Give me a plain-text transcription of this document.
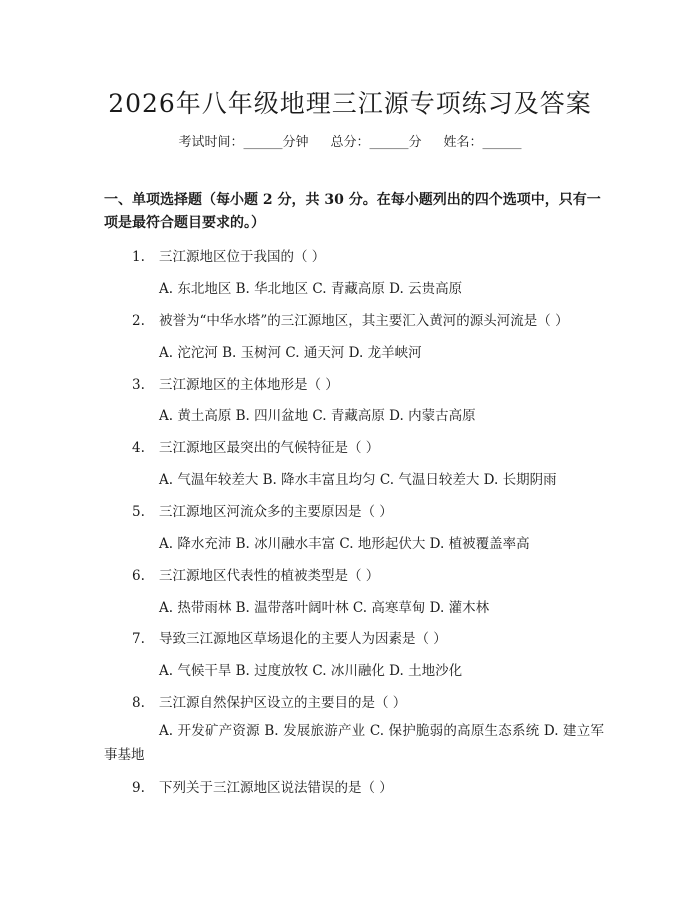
2026年八年级地理三江源专项练习及答案
考试时间：______分钟 总分：______分 姓名：______
一、单项选择题（每小题 2 分，共 30 分。在每小题列出的四个选项中，只有一项是最符合题目要求的。）
1. 三江源地区位于我国的（ ）
A. 东北地区 B. 华北地区 C. 青藏高原 D. 云贵高原
2. 被誉为“中华水塔”的三江源地区，其主要汇入黄河的源头河流是（ ）
A. 沱沱河 B. 玉树河 C. 通天河 D. 龙羊峡河
3. 三江源地区的主体地形是（ ）
A. 黄土高原 B. 四川盆地 C. 青藏高原 D. 内蒙古高原
4. 三江源地区最突出的气候特征是（ ）
A. 气温年较差大 B. 降水丰富且均匀 C. 气温日较差大 D. 长期阴雨
5. 三江源地区河流众多的主要原因是（ ）
A. 降水充沛 B. 冰川融水丰富 C. 地形起伏大 D. 植被覆盖率高
6. 三江源地区代表性的植被类型是（ ）
A. 热带雨林 B. 温带落叶阔叶林 C. 高寒草甸 D. 灌木林
7. 导致三江源地区草场退化的主要人为因素是（ ）
A. 气候干旱 B. 过度放牧 C. 冰川融化 D. 土地沙化
8. 三江源自然保护区设立的主要目的是（ ）
A. 开发矿产资源 B. 发展旅游产业 C. 保护脆弱的高原生态系统 D. 建立军事基地
9. 下列关于三江源地区说法错误的是（ ）
